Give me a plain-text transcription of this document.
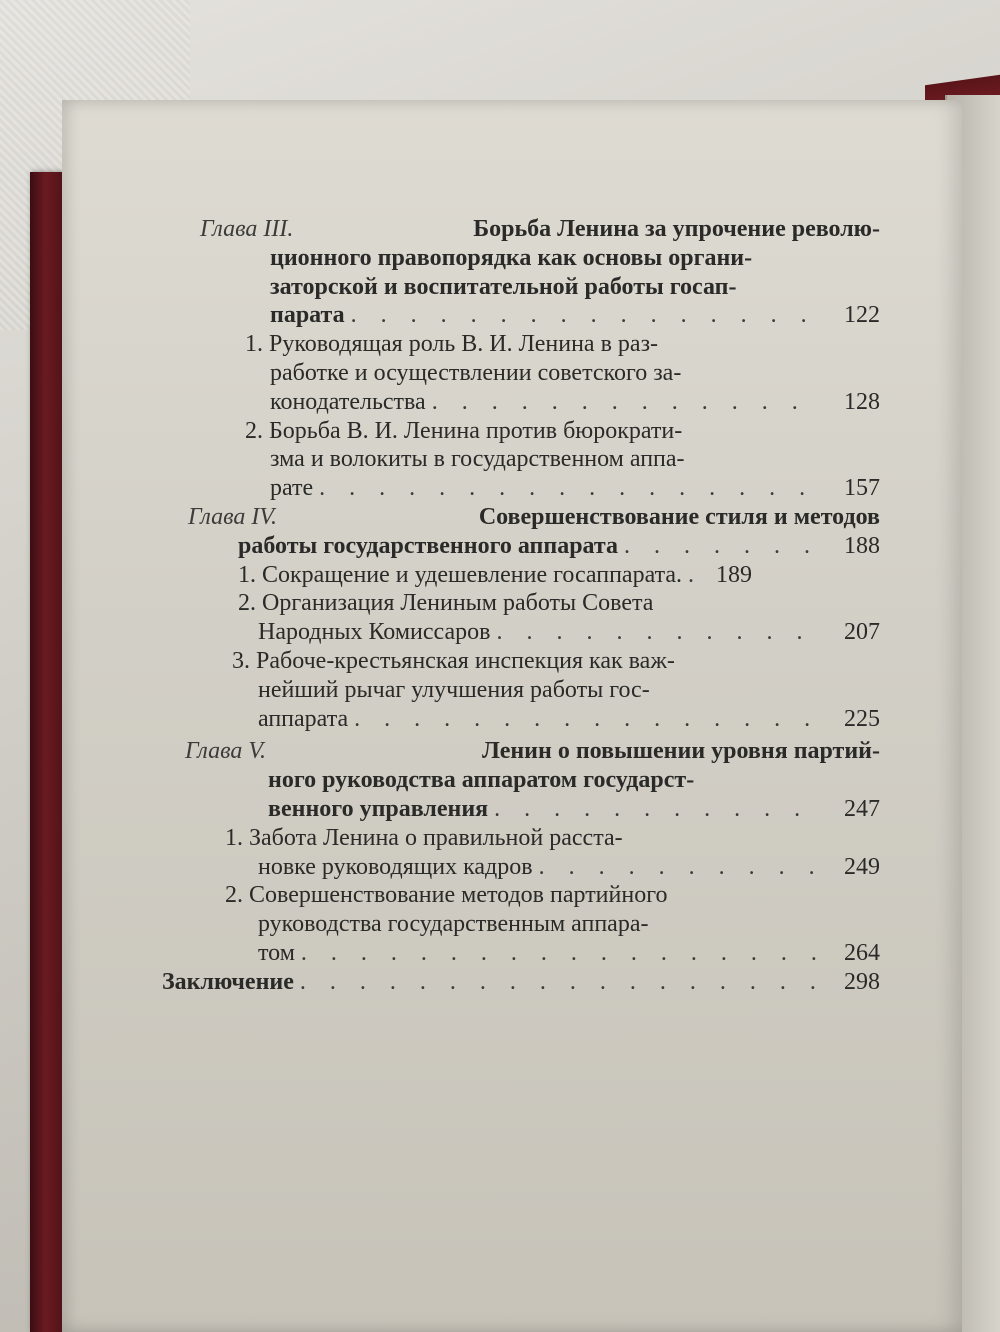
Глава III.	Борьба Ленина за упрочение револю-
ционного правопорядка как основы органи-
заторской и воспитательной работы госап-
парата . . .	122
1. Руководящая роль В. И. Ленина в раз-
работке и осуществлении советского за-
конодательства . . .	128
2. Борьба В. И. Ленина против бюрократи-
зма и волокиты в государственном аппа-
рате . . .	157
Глава IV.	Совершенствование стиля и методов
работы государственного аппарата . . .	188
1. Сокращение и удешевление госаппарата. . . .	189
2. Организация Лениным работы Совета
Народных Комиссаров . . .	207
3. Рабоче-крестьянская инспекция как важ-
нейший рычаг улучшения работы гос-
аппарата . . .	225
Глава V.	Ленин о повышении уровня партий-
ного руководства аппаратом государст-
венного управления . . .	247
1. Забота Ленина о правильной расста-
новке руководящих кадров . . .	249
2. Совершенствование методов партийного
руководства государственным аппара-
том . . .	264
Заключение . . .	298
